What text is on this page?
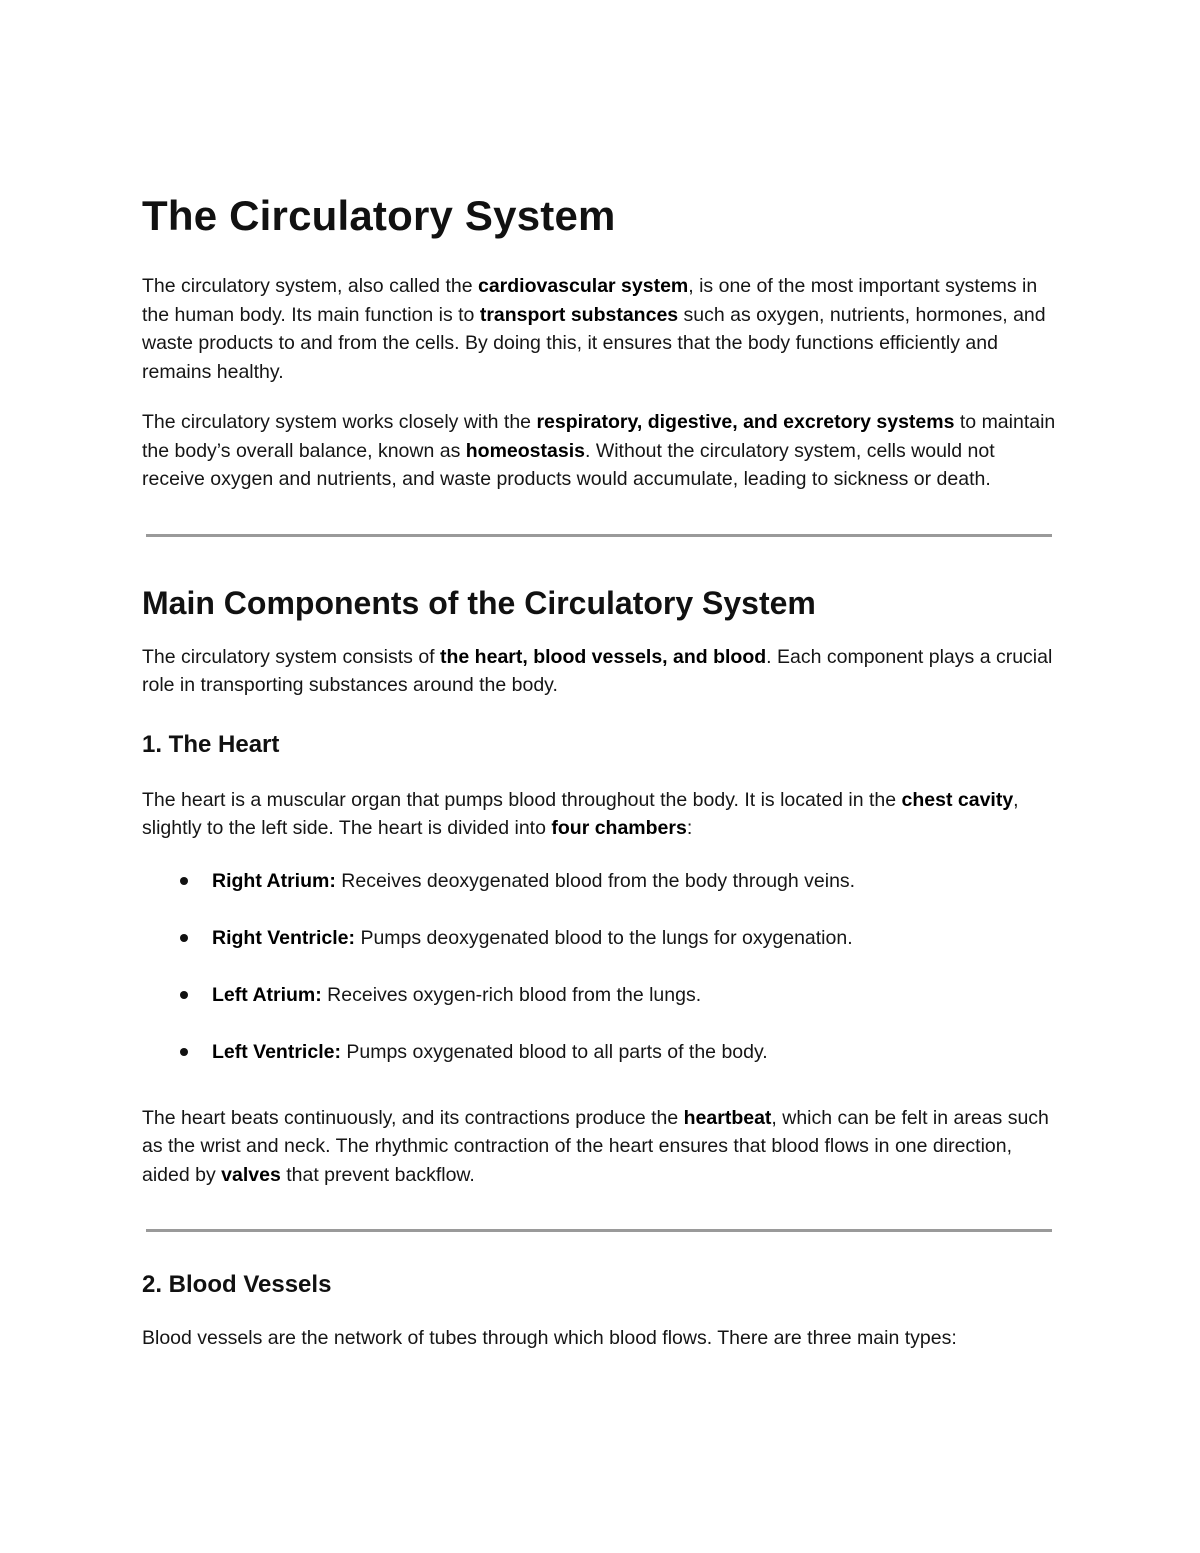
The Circulatory System

The circulatory system, also called the cardiovascular system, is one of the most important systems in the human body. Its main function is to transport substances such as oxygen, nutrients, hormones, and waste products to and from the cells. By doing this, it ensures that the body functions efficiently and remains healthy.

The circulatory system works closely with the respiratory, digestive, and excretory systems to maintain the body’s overall balance, known as homeostasis. Without the circulatory system, cells would not receive oxygen and nutrients, and waste products would accumulate, leading to sickness or death.

Main Components of the Circulatory System

The circulatory system consists of the heart, blood vessels, and blood. Each component plays a crucial role in transporting substances around the body.

1. The Heart

The heart is a muscular organ that pumps blood throughout the body. It is located in the chest cavity, slightly to the left side. The heart is divided into four chambers:

Right Atrium: Receives deoxygenated blood from the body through veins.
Right Ventricle: Pumps deoxygenated blood to the lungs for oxygenation.
Left Atrium: Receives oxygen-rich blood from the lungs.
Left Ventricle: Pumps oxygenated blood to all parts of the body.

The heart beats continuously, and its contractions produce the heartbeat, which can be felt in areas such as the wrist and neck. The rhythmic contraction of the heart ensures that blood flows in one direction, aided by valves that prevent backflow.

2. Blood Vessels

Blood vessels are the network of tubes through which blood flows. There are three main types:
